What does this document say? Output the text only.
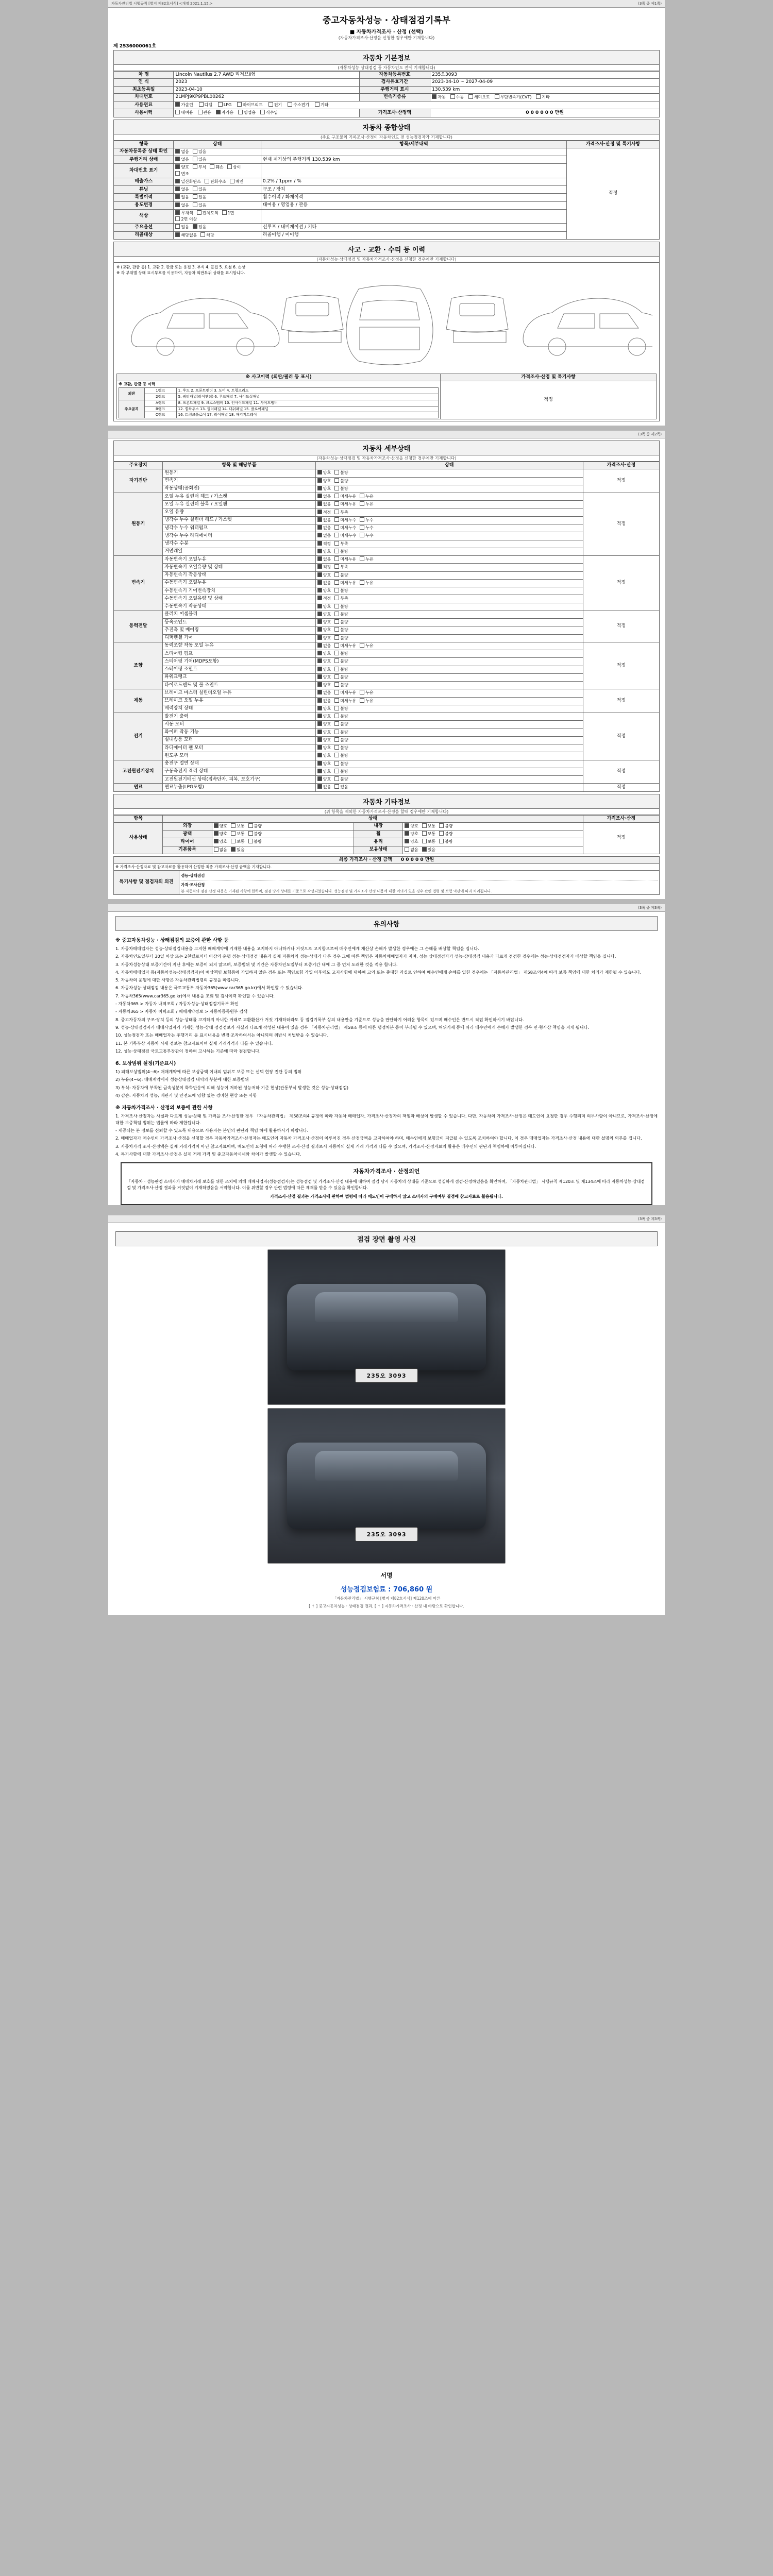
자동차관리법 시행규칙 [별지 제82호서식] <개정 2021.1.15.>	(3쪽 중 제1쪽)
중고자동차성능 · 상태점검기록부
■ 자동차가격조사 · 산정 (선택)
(자동차가격조사·산정을 신청한 경우에만 기재합니다)
제 2536000061호
자동차 기본정보
(자동차성능·상태점검 통 자동차인도 전에 기재합니다)
차 명	Lincoln Nautilus 2.7 AWD 리저브Ⅱ형	자동차등록번호	235오3093
연 식	2023	검사유효기간	2023-04-10 ~ 2027-04-09
최초등록일	2023-04-10	주행거리 표시	130,539 km
차대번호	2LMPJ9KP9PBL00262	변속기종류	자동 수동 세미오토 무단변속기(CVT) 기타
사용연료	가솔린 디젤 LPG 하이브리드 전기 수소전기 기타		
사용이력	대여용 관용 자가용 영업용 직수입	가격조사·산정액	0 0 0 0 0 0 만원
자동차 종합상태
(주요 구조물의 기록조사·산정이 자동차인도 전 성능점검자가 기재합니다)
항목	상태	항목/세부내역	가격조사·산정 및 특기사항
자동차등록증 상태 확인	없음 있음		적정
주행거리 상태	없음 있음	현재 계기상의 주행거리 130,539 km	
차대번호 표기	양호 부식 훼손 상이변조		
배출가스	일산화탄소 탄화수소 매연	0.2% / 1ppm / %	
튜닝	없음 있음	구조 / 장치	
특별이력	없음 있음	침수이력 / 화재이력	
용도변경	없음 있음	대여용 / 영업용 / 관용	
색상	무채색 전체도색 1면2면 이상		
주요옵션	없음 있음	선루프 / 내비게이션 / 기타	
리콜대상	해당없음 해당	리콜이행 / 미이행	
사고 · 교환 · 수리 등 이력
(자동차성능·상태점검 및 자동차가격조사·산정을 신청한 경우에만 기재합니다)
※ (교환, 판금 등) 1. 교환 2. 판금 또는 용접 3. 부식 4. 흠집 5. 요철 6. 손상
※ 각 부위별 상태 표시부호를 이용하여, 자동차 외판부위 상태를 표시합니다.
※ 사고이력 (외판/필러 등 표시)	가격조사·산정 및 특기사항

※ 교환, 판금 등 이력
외판	1랭크	1. 후드 2. 프론트펜더 3. 도어 4. 트렁크리드
2랭크	5. 쿼터패널(리어펜더) 6. 루프패널 7. 사이드실패널
주요골격	A랭크	8. 프론트패널 9. 크로스멤버 10. 인사이드패널 11. 사이드멤버
B랭크	12. 휠하우스 13. 필러패널 14. 대쉬패널 15. 플로어패널
C랭크	16. 트렁크플로어 17. 리어패널 18. 패키지트레이
	적정
(3쪽 중 제2쪽)
자동차 세부상태
(자동차성능·상태점검 및 자동차가격조사·산정을 신청한 경우에만 기재합니다)
주요장치	항목 및 해당부품	상태	가격조사·산정
자기진단	원동기	양호 불량	적정
	변속기	양호 불량	
	작동상태(공회전)	양호 불량	
원동기	오일 누유 실린더 헤드 / 가스켓	없음 미세누유 누유	적정
	오일 누유 실린더 블록 / 오일팬	없음 미세누유 누유	
	오일 유량	적정 부족	
	냉각수 누수 실린더 헤드 / 가스켓	없음 미세누수 누수	
	냉각수 누수 워터펌프	없음 미세누수 누수	
	냉각수 누수 라디에이터	없음 미세누수 누수	
	냉각수 수분	적정 부족	
	커먼레일	양호 불량	
변속기	자동변속기 오일누유	없음 미세누유 누유	적정
	자동변속기 오일유량 및 상태	적정 부족	
	자동변속기 작동상태	양호 불량	
	수동변속기 오일누유	없음 미세누유 누유	
	수동변속기 기어변속장치	양호 불량	
	수동변속기 오일유량 및 상태	적정 부족	
	수동변속기 작동상태	양호 불량	
동력전달	클러치 어셈블리	양호 불량	적정
	등속조인트	양호 불량	
	추진축 및 베어링	양호 불량	
	디퍼렌셜 기어	양호 불량	
조향	동력조향 작동 오일 누유	없음 미세누유 누유	적정
	스티어링 펌프	양호 불량	
	스티어링 기어(MDPS포함)	양호 불량	
	스티어링 조인트	양호 불량	
	파워크랭크	양호 불량	
	타이로드엔드 및 볼 조인트	양호 불량	
제동	브레이크 마스터 실린더오일 누유	없음 미세누유 누유	적정
	브레이크 오일 누유	없음 미세누유 누유	
	배력장치 상태	양호 불량	
전기	발전기 출력	양호 불량	적정
	시동 모터	양호 불량	
	와이퍼 작동 기능	양호 불량	
	실내송풍 모터	양호 불량	
	라디에이터 팬 모터	양호 불량	
	윈도우 모터	양호 불량	
고전원전기장치	충전구 절연 상태	양호 불량	적정
	구동축전지 격리 상태	양호 불량	
	고전원전기배선 상태(접속단자, 피복, 보호기구)	양호 불량	
연료	연료누출(LPG포함)	없음 있음	적정
자동차 기타정보
(위 항목을 제외한 자동차가격조사·산정을 할때 경우에만 기재합니다)
항목	상태				가격조사·산정
사용상태	외장	양호 보통 불량	내장	양호 보통 불량	적정
	광택	양호 보통 불량	휠	양호 보통 불량	
	타이어	양호 보통 불량	유리	양호 보통 불량	
	기본품목	없음 있음	보유상태	없음 있음	
최종 가격조사 · 산정 금액 0 0 0 0 0 만원
※ 가격조사·산정자료 및 참고자료를 활용하여 산정한 최종 가격조사·산정 금액을 기재합니다.
특기사항 및 점검자의 의견	
성능·상태점검
가격·조사산정
본 자동차의 점검·산정 내용은 기재된 사항에 한하며, 점검 당시 상태를 기준으로 작성되었습니다. 성능점검 및 가격조사·산정 내용에 대한 이의가 있을 경우 관련 법령 및 보험 약관에 따라 처리됩니다.
(3쪽 중 제3쪽)
유의사항
※ 중고자동차성능 · 상태점검의 보증에 관한 사항 등

1. 자동차매매업자는 성능·상태점검내용을 고지한 매매계약에 기재한 내용을 고지하지 아니하거나 거짓으로 고지함으로써 매수인에게 재산상 손해가 발생한 경우에는 그 손해를 배상할 책임을 집니다.

2. 자동차인도일부터 30일 이상 또는 2천킬로미터 이상의 운행 성능·상태점검 내용과 실제 자동차의 성능·상태가 다른 경우 그에 따른 책임은 자동차매매업자가 지며, 성능·상태점검자가 성능·상태점검 내용과 다르게 점검한 경우에는 성능·상태점검자가 배상할 책임을 집니다.

3. 자동차성능상태 보증기간이 지난 후에는 보증이 되지 않으며, 보증범위 및 기간은 자동차인도일부터 보증기간 내에 그 중 먼저 도래한 것을 적용 합니다.

4. 자동차매매업자 등(자동차성능·상태점검자)이 배상책임 보험등에 가입하지 않은 경우 또는 책임보험 가입 이후에도 고지사항에 대하여 고의 또는 중대한 과실로 인하여 매수인에게 손해를 입힌 경우에는 「자동차관리법」 제58조의4에 따라 보증 책임에 대한 처리가 제한될 수 있습니다.

5. 자동차의 운행에 대한 사항은 자동차관리법령의 규정을 따릅니다.

6. 자동차성능·상태점검 내용은 국토교통부 자동차365(www.car365.go.kr)에서 확인할 수 있습니다.

7. 자동차365(www.car365.go.kr)에서 내용을 조회 및 검사이력 확인할 수 있습니다.

- 자동차365 > 자동차 내역조회 / 자동차성능·상태점검기록부 확인

- 자동차365 > 자동차 이력조회 / 매매계약정보 > 자동차등록원부 검색

8. 중고자동차의 구조·장치 등의 성능·상태를 고지하지 아니한 거래로 교환환산가 거짓 기재하더라도 동 점검기록부 상의 내용만을 기준으로 성능을 판단하기 어려운 항목이 있으며 매수인은 반드시 직접 확인하시기 바랍니다.

9. 성능·상태점검자가 매매사업자가 기재한 성능·상태 점검정보가 사실과 다르게 작성된 내용이 있을 경우 「자동차관리법」 제58조 등에 따른 행정처분 등이 부과될 수 있으며, 허위기재 등에 따라 매수인에게 손해가 발생한 경우 민·형사상 책임을 지게 됩니다.

10. 성능점검자 또는 매매업자는 주행거리 등 표시내용을 변경·조작하여서는 아니되며 위반시 처벌받을 수 있습니다.

11. 본 기록부상 자동차 시세 정보는 참고자료이며 실제 거래가격과 다를 수 있습니다.

12. 성능·상태점검 국토교통부장관이 정하여 고시하는 기준에 따라 점검합니다.

6. 보상범위 설정(기준표시)

1) 피해보상범위(4~6): 매매계약에 따른 보상금액 이내의 범위로 보증 또는 선택 현장 진단 등의 범위

2) 누유(4~6): 매매계약에서 성능상태점검 내역의 부분에 대한 보증범위

3) 부식: 자동차에 부착된 금속성분이 화학반응에 의해 성능이 저하된 성능저하 기준 현상(관통부식 발생한 것은 성능·상태점검)

4) 감손: 자동차의 성능, 배관기 및 안전도에 영향 없는 경미한 현상 또는 사항

※ 자동차가격조사 · 산정의 보증에 관한 사항

1. 가격조사·산정자는 사실과 다르게 성능·상태 및 가격을 조사·산정한 경우 「자동차관리법」 제58조의4 규정에 따라 자동차 매매업자, 가격조사·산정자의 책임과 배상이 발생할 수 있습니다. 다만, 자동차의 가격조사·산정은 매도인이 요청한 경우 수행되며 의무사항이 아니므로, 가격조사·산정에 대한 보증책임 범위는 법률에 따라 제한됩니다.

- 제공되는 본 정보를 신뢰할 수 있도록 내용으로 사용자는 본인의 판단과 책임 하에 활용하시기 바랍니다.

2. 매매업자가 매수인이 가격조사·산정을 신청할 경우 자동차가격조사·산정자는 매도인의 자동차 가격조사·산정이 이루어진 경우 산정금액을 고지하여야 하며, 매수인에게 보험금이 지급될 수 있도록 조치하여야 합니다. 이 경우 매매업자는 가격조사·산정 내용에 대한 설명의 의무를 집니다.

3. 자동차가격 조사·산정액은 실제 거래가격이 아닌 참고자료이며, 매도인의 요청에 따라 수행한 조사·산정 결과로서 자동차의 실제 거래 가격과 다를 수 있으며, 가격조사·산정자료의 활용은 매수인의 판단과 책임하에 이루어집니다.

4. 특기사항에 대한 가격조사·산정은 실제 거래 가격 및 중고자동차시세와 차이가 발생할 수 있습니다.

자동차가격조사 · 산정의언
「자동차 · 성능판정 소비자가 매매차거래 보호를 위한 조치에 의해 매매사업자(성능점검자)는 성능점검 및 가격조사·산정 내용에 대하여 점검 당시 자동차의 상태를 기준으로 성실하게 점검·산정하였음을 확인하며, 「자동차관리법」 시행규칙 제120조 및 제134조에 따라 자동차성능·상태점검 및 가격조사·산정 결과를 거짓없이 기재하였음을 서약합니다. 이를 위반할 경우 관련 법령에 따른 제재를 받을 수 있음을 확인합니다.
가격조사·산정 결과는 가격조사에 관하여 법령에 따라 매도인이 구매하지 않고 소비자의 구매여부 결정에 참고자료로 활용됩니다.
(3쪽 중 제3쪽)
점검 장면 촬영 사진
235오 3093
235오 3093
서명
성능점검보험료 : 706,860 원
「자동차관리법」 시행규칙 [별지 제82호서식] 제120조에 따른
[ ↑ ] 중고자동차성능 · 상태점검 결과, [ ↑ ] 자동차가격조사 · 산정 내 바탕으로 확인합니다.
